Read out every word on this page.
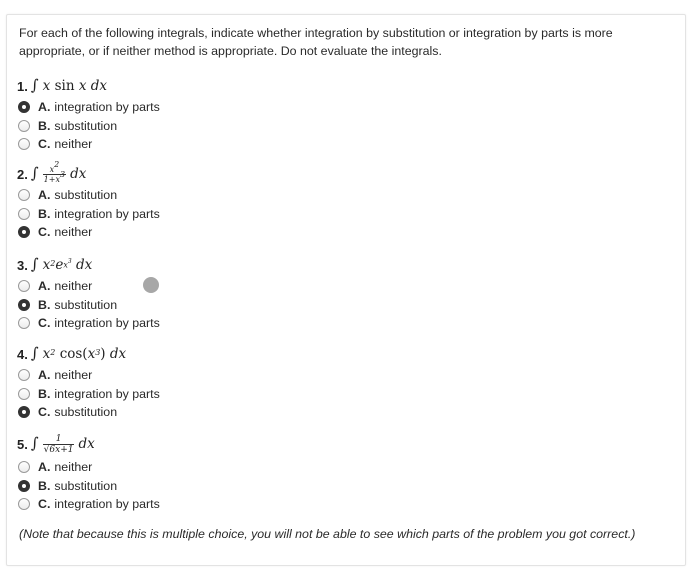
For each of the following integrals, indicate whether integration by substitution or integration by parts is more appropriate, or if neither method is appropriate. Do not evaluate the integrals.
1. ∫ x sin x dx
A. integration by parts
B. substitution
C. neither
2. ∫ $\frac{x^2}{1+x^3}$ dx
A. substitution
B. integration by parts
C. neither
3. ∫ $x^2$ $e^{x^3}$ dx
A. neither
B. substitution
C. integration by parts
4. ∫ $x^2$
cos( $x^3$ ) dx
A. neither
B. integration by parts
C. substitution
5. ∫ $\frac{1}{√6x+1}$ dx
A. neither
B. substitution
C. integration by parts
(Note that because this is multiple choice, you will not be able to see which parts of the problem you got correct.)
